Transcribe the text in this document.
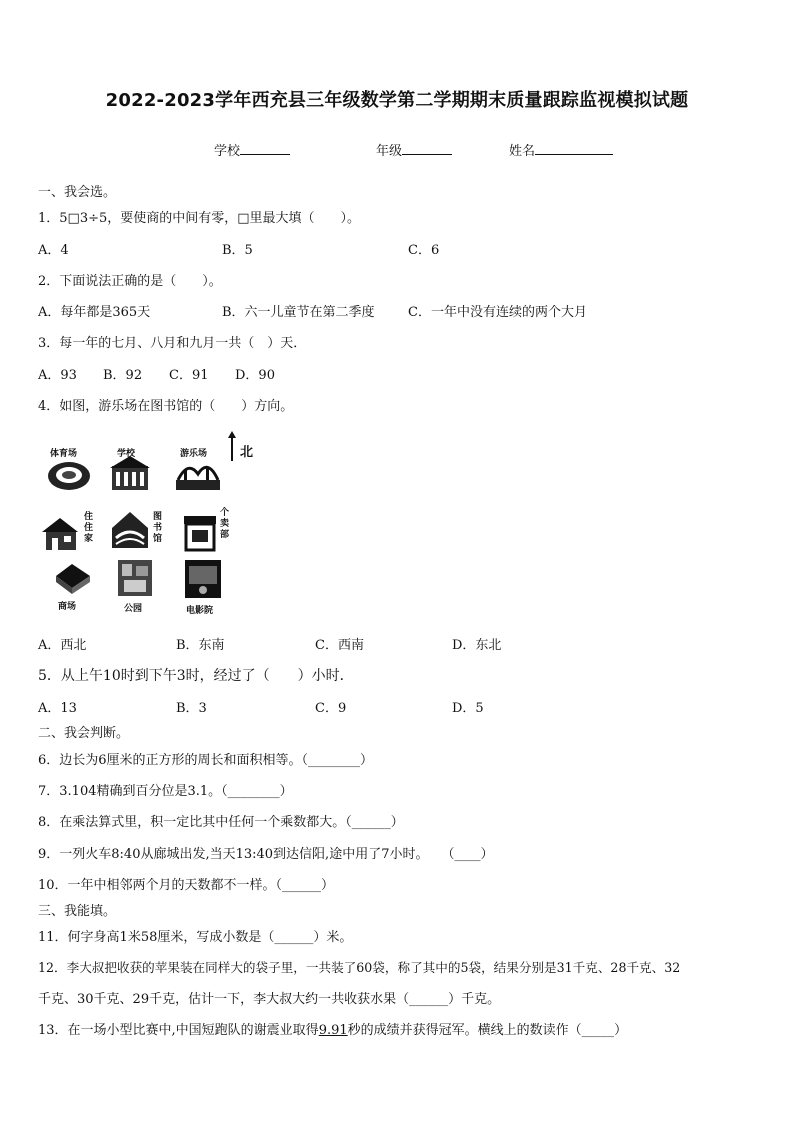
2022-2023学年西充县三年级数学第二学期期末质量跟踪监视模拟试题
学校	年级	姓名
一、我会选。
1．5□3÷5，要使商的中间有零，□里最大填（　　）。
A．4	B．5	C．6
2．下面说法正确的是（　　）。
A．每年都是365天	B．六一儿童节在第二季度	C．一年中没有连续的两个大月
3．每一年的七月、八月和九月一共（　）天．
A．93 B．92 C．91 D．90
4．如图，游乐场在图书馆的（　　）方向。
北
体育场	学校	游乐场
住住家
图书馆
个卖部
商场	公园	电影院
A．西北	B．东南	C．西南	D．东北
5．从上午10时到下午3时，经过了（　　）小时．
A．13	B．3	C．9	D．5
二、我会判断。
6．边长为6厘米的正方形的周长和面积相等。（________）
7．3.104精确到百分位是3.1。（________）
8．在乘法算式里，积一定比其中任何一个乘数都大。（______）
9．一列火车8:40从廊城出发,当天13:40到达信阳,途中用了7小时。　　（____）
10．一年中相邻两个月的天数都不一样。（______）
三、我能填。
11．何字身高1米58厘米，写成小数是（______）米。
12．李大叔把收获的苹果装在同样大的袋子里，一共装了60袋，称了其中的5袋，结果分别是31千克、28千克、32
千克、30千克、29千克，估计一下，李大叔大约一共收获水果（______）千克。
13．在一场小型比赛中,中国短跑队的谢震业取得9.91秒的成绩并获得冠军。横线上的数读作（_____）
